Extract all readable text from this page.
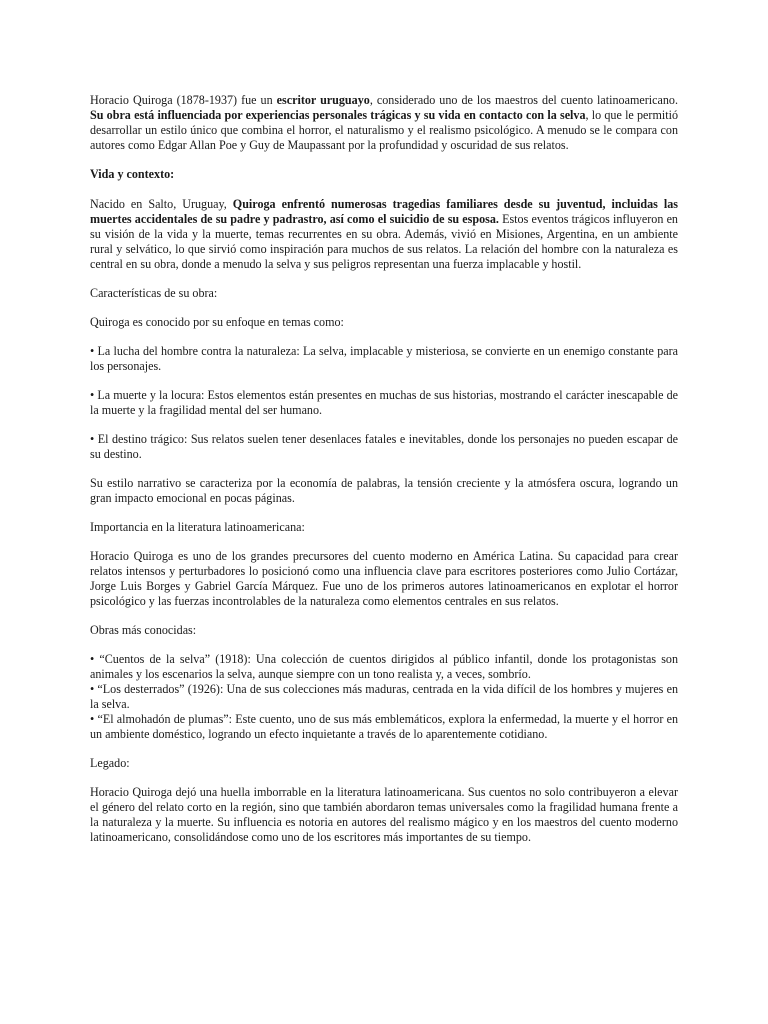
Horacio Quiroga (1878-1937) fue un escritor uruguayo, considerado uno de los maestros del cuento latinoamericano. Su obra está influenciada por experiencias personales trágicas y su vida en contacto con la selva, lo que le permitió desarrollar un estilo único que combina el horror, el naturalismo y el realismo psicológico. A menudo se le compara con autores como Edgar Allan Poe y Guy de Maupassant por la profundidad y oscuridad de sus relatos.

Vida y contexto:

Nacido en Salto, Uruguay, Quiroga enfrentó numerosas tragedias familiares desde su juventud, incluidas las muertes accidentales de su padre y padrastro, así como el suicidio de su esposa. Estos eventos trágicos influyeron en su visión de la vida y la muerte, temas recurrentes en su obra. Además, vivió en Misiones, Argentina, en un ambiente rural y selvático, lo que sirvió como inspiración para muchos de sus relatos. La relación del hombre con la naturaleza es central en su obra, donde a menudo la selva y sus peligros representan una fuerza implacable y hostil.

Características de su obra:

Quiroga es conocido por su enfoque en temas como:

• La lucha del hombre contra la naturaleza: La selva, implacable y misteriosa, se convierte en un enemigo constante para los personajes.

• La muerte y la locura: Estos elementos están presentes en muchas de sus historias, mostrando el carácter inescapable de la muerte y la fragilidad mental del ser humano.

• El destino trágico: Sus relatos suelen tener desenlaces fatales e inevitables, donde los personajes no pueden escapar de su destino.

Su estilo narrativo se caracteriza por la economía de palabras, la tensión creciente y la atmósfera oscura, logrando un gran impacto emocional en pocas páginas.

Importancia en la literatura latinoamericana:

Horacio Quiroga es uno de los grandes precursores del cuento moderno en América Latina. Su capacidad para crear relatos intensos y perturbadores lo posicionó como una influencia clave para escritores posteriores como Julio Cortázar, Jorge Luis Borges y Gabriel García Márquez. Fue uno de los primeros autores latinoamericanos en explotar el horror psicológico y las fuerzas incontrolables de la naturaleza como elementos centrales en sus relatos.

Obras más conocidas:

• “Cuentos de la selva” (1918): Una colección de cuentos dirigidos al público infantil, donde los protagonistas son animales y los escenarios la selva, aunque siempre con un tono realista y, a veces, sombrío.

• “Los desterrados” (1926): Una de sus colecciones más maduras, centrada en la vida difícil de los hombres y mujeres en la selva.

• “El almohadón de plumas”: Este cuento, uno de sus más emblemáticos, explora la enfermedad, la muerte y el horror en un ambiente doméstico, logrando un efecto inquietante a través de lo aparentemente cotidiano.

Legado:

Horacio Quiroga dejó una huella imborrable en la literatura latinoamericana. Sus cuentos no solo contribuyeron a elevar el género del relato corto en la región, sino que también abordaron temas universales como la fragilidad humana frente a la naturaleza y la muerte. Su influencia es notoria en autores del realismo mágico y en los maestros del cuento moderno latinoamericano, consolidándose como uno de los escritores más importantes de su tiempo.
